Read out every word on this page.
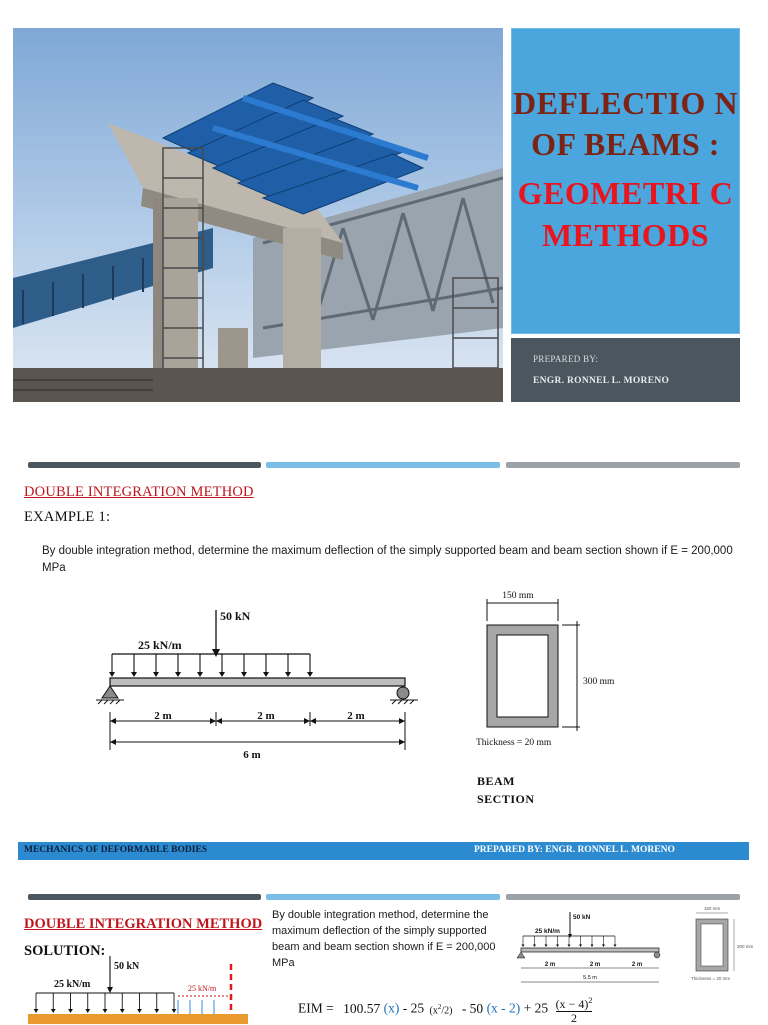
DEFLECTIO N OF BEAMS :
GEOMETRI C METHODS
PREPARED BY:
ENGR. RONNEL L. MORENO
DOUBLE INTEGRATION METHOD
EXAMPLE 1:
By double integration method, determine the maximum deflection of the simply supported beam and beam section shown if E = 200,000 MPa
50 kN
25 kN/m
2 m	2 m	2 m
6 m
150 mm
300 mm
Thickness = 20 mm
BEAM SECTION
MECHANICS OF DEFORMABLE BODIES	PREPARED BY: ENGR. RONNEL L. MORENO
DOUBLE INTEGRATION METHOD
SOLUTION:
By double integration method, determine the maximum deflection of the simply supported beam and beam section shown if E = 200,000 MPa
50 kN
25 kN/m
2 m	2 m	2 m
5.5 m
150 mm
300 mm
Thickness = 20 mm
50 kN
25 kN/m	25 kN/m
EIM = 100.57 (x) - 25 $(x^2/2) - 50$ $(x - 2) + 25 \frac{(x - 4)^2}{2}$
